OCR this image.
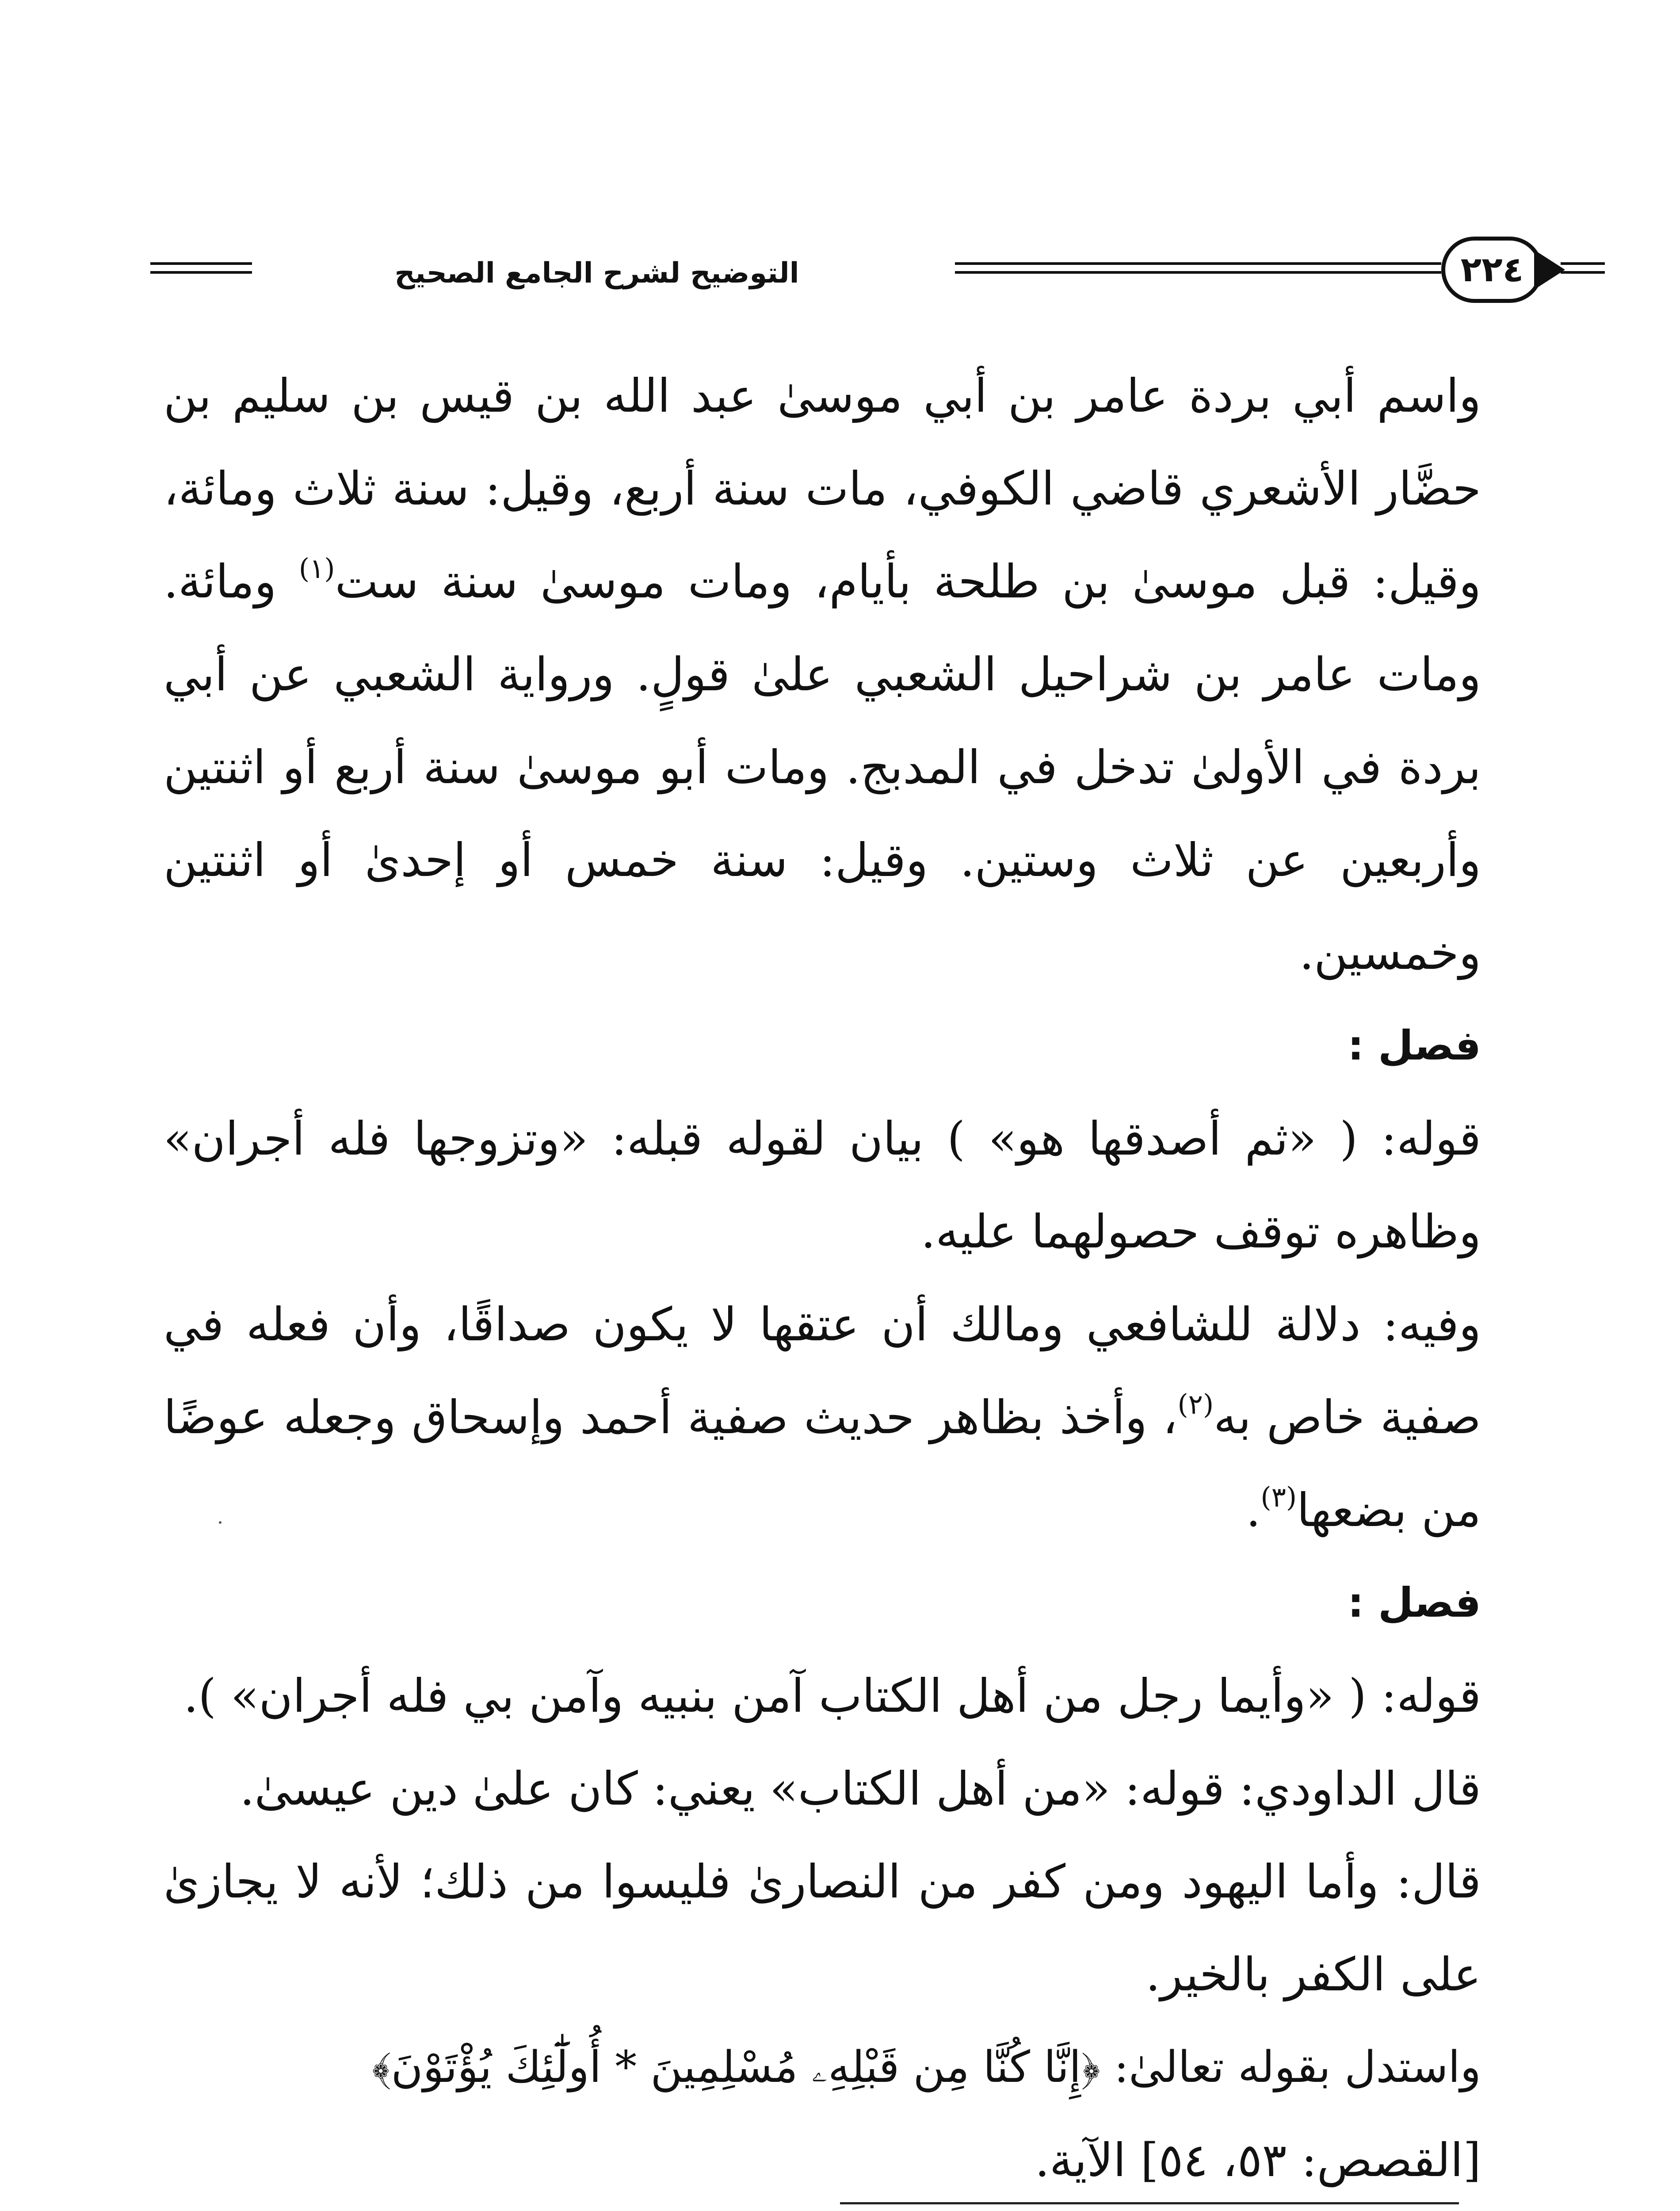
التوضيح لشرح الجامع الصحيح	٢٢٤

واسم أبي بردة عامر بن أبي موسىٰ عبد الله بن قيس بن سليم بن حضَّار الأشعري قاضي الكوفي، مات سنة أربع، وقيل: سنة ثلاث ومائة، وقيل: قبل موسىٰ بن طلحة بأيام، ومات موسىٰ سنة ست$^{(١)}$ ومائة. ومات عامر بن شراحيل الشعبي علىٰ قولٍ. ورواية الشعبي عن أبي بردة في الأولىٰ تدخل في المدبج. ومات أبو موسىٰ سنة أربع أو اثنتين وأربعين عن ثلاث وستين. وقيل: سنة خمس أو إحدىٰ أو اثنتين وخمسين.

فصل :

قوله: ( «ثم أصدقها هو» ) بيان لقوله قبله: «وتزوجها فله أجران» وظاهره توقف حصولهما عليه.

وفيه: دلالة للشافعي ومالك أن عتقها لا يكون صداقًا، وأن فعله في صفية خاص به$^{(٢)}$، وأخذ بظاهر حديث صفية أحمد وإسحاق وجعله عوضًا من بضعها$^{(٣)}$.

فصل :

قوله: ( «وأيما رجل من أهل الكتاب آمن بنبيه وآمن بي فله أجران» ).

قال الداودي: قوله: «من أهل الكتاب» يعني: كان علىٰ دين عيسىٰ.

قال: وأما اليهود ومن كفر من النصارىٰ فليسوا من ذلك؛ لأنه لا يجازىٰ على الكفر بالخير.

واستدل بقوله تعالىٰ: ﴿إِنَّا كُنَّا مِن قَبْلِهِۦ مُسْلِمِينَ * أُولَٰٓئِكَ يُؤْتَوْنَ﴾

[القصص: ٥٣، ٥٤] الآية.
